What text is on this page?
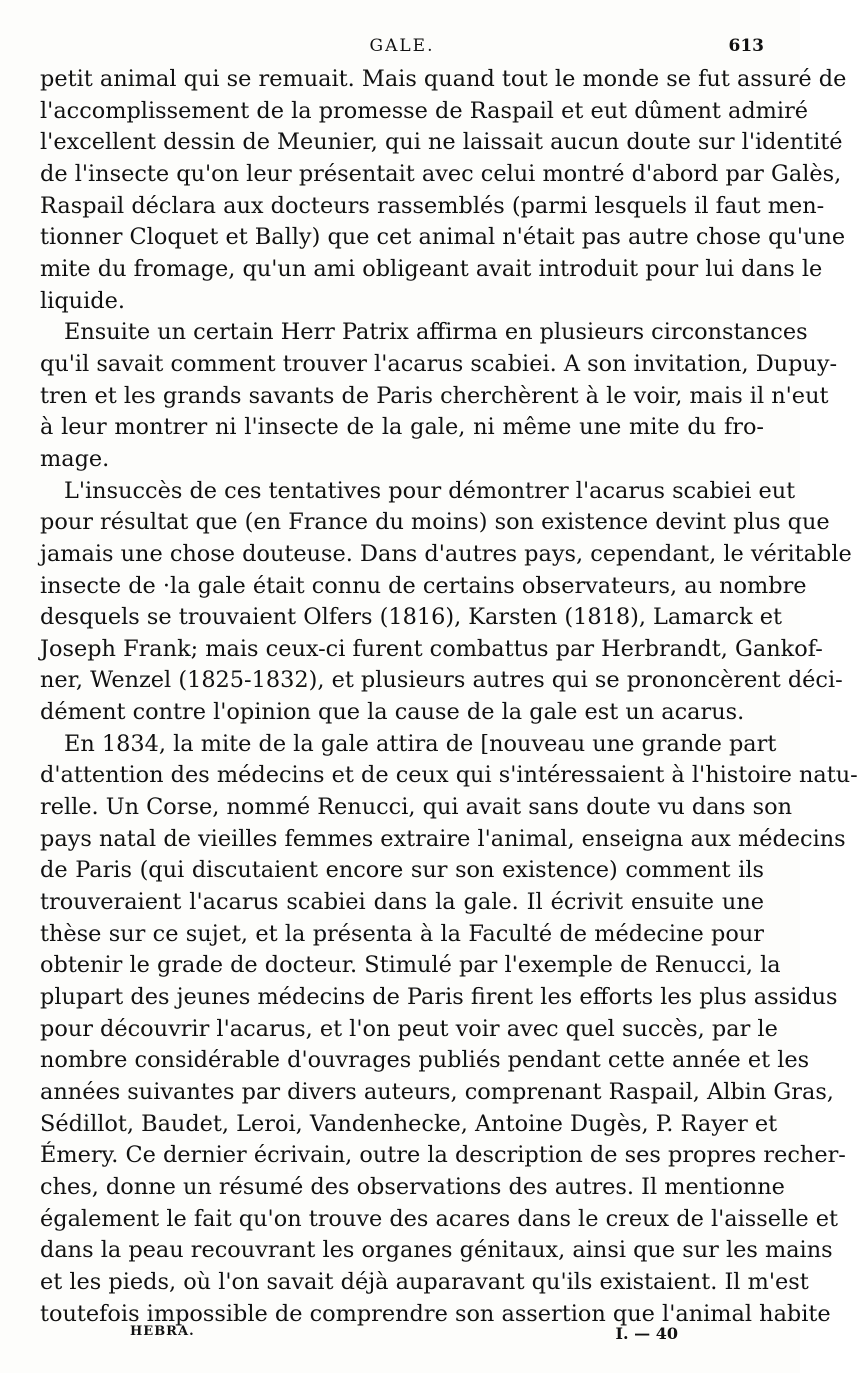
GALE.	613
petit animal qui se remuait. Mais quand tout le monde se fut assuré de
l'accomplissement de la promesse de Raspail et eut dûment admiré
l'excellent dessin de Meunier, qui ne laissait aucun doute sur l'identité
de l'insecte qu'on leur présentait avec celui montré d'abord par Galès,
Raspail déclara aux docteurs rassemblés (parmi lesquels il faut men-
tionner Cloquet et Bally) que cet animal n'était pas autre chose qu'une
mite du fromage, qu'un ami obligeant avait introduit pour lui dans le
liquide.
Ensuite un certain Herr Patrix affirma en plusieurs circonstances
qu'il savait comment trouver l'acarus scabiei. A son invitation, Dupuy-
tren et les grands savants de Paris cherchèrent à le voir, mais il n'eut
à leur montrer ni l'insecte de la gale, ni même une mite du fro-
mage.
L'insuccès de ces tentatives pour démontrer l'acarus scabiei eut
pour résultat que (en France du moins) son existence devint plus que
jamais une chose douteuse. Dans d'autres pays, cependant, le véritable
insecte de ·la gale était connu de certains observateurs, au nombre
desquels se trouvaient Olfers (1816), Karsten (1818), Lamarck et
Joseph Frank; mais ceux-ci furent combattus par Herbrandt, Gankof-
ner, Wenzel (1825-1832), et plusieurs autres qui se prononcèrent déci-
dément contre l'opinion que la cause de la gale est un acarus.
En 1834, la mite de la gale attira de [nouveau une grande part
d'attention des médecins et de ceux qui s'intéressaient à l'histoire natu-
relle. Un Corse, nommé Renucci, qui avait sans doute vu dans son
pays natal de vieilles femmes extraire l'animal, enseigna aux médecins
de Paris (qui discutaient encore sur son existence) comment ils
trouveraient l'acarus scabiei dans la gale. Il écrivit ensuite une
thèse sur ce sujet, et la présenta à la Faculté de médecine pour
obtenir le grade de docteur. Stimulé par l'exemple de Renucci, la
plupart des jeunes médecins de Paris firent les efforts les plus assidus
pour découvrir l'acarus, et l'on peut voir avec quel succès, par le
nombre considérable d'ouvrages publiés pendant cette année et les
années suivantes par divers auteurs, comprenant Raspail, Albin Gras,
Sédillot, Baudet, Leroi, Vandenhecke, Antoine Dugès, P. Rayer et
Émery. Ce dernier écrivain, outre la description de ses propres recher-
ches, donne un résumé des observations des autres. Il mentionne
également le fait qu'on trouve des acares dans le creux de l'aisselle et
dans la peau recouvrant les organes génitaux, ainsi que sur les mains
et les pieds, où l'on savait déjà auparavant qu'ils existaient. Il m'est
toutefois impossible de comprendre son assertion que l'animal habite
HEBRA.	I. — 40
